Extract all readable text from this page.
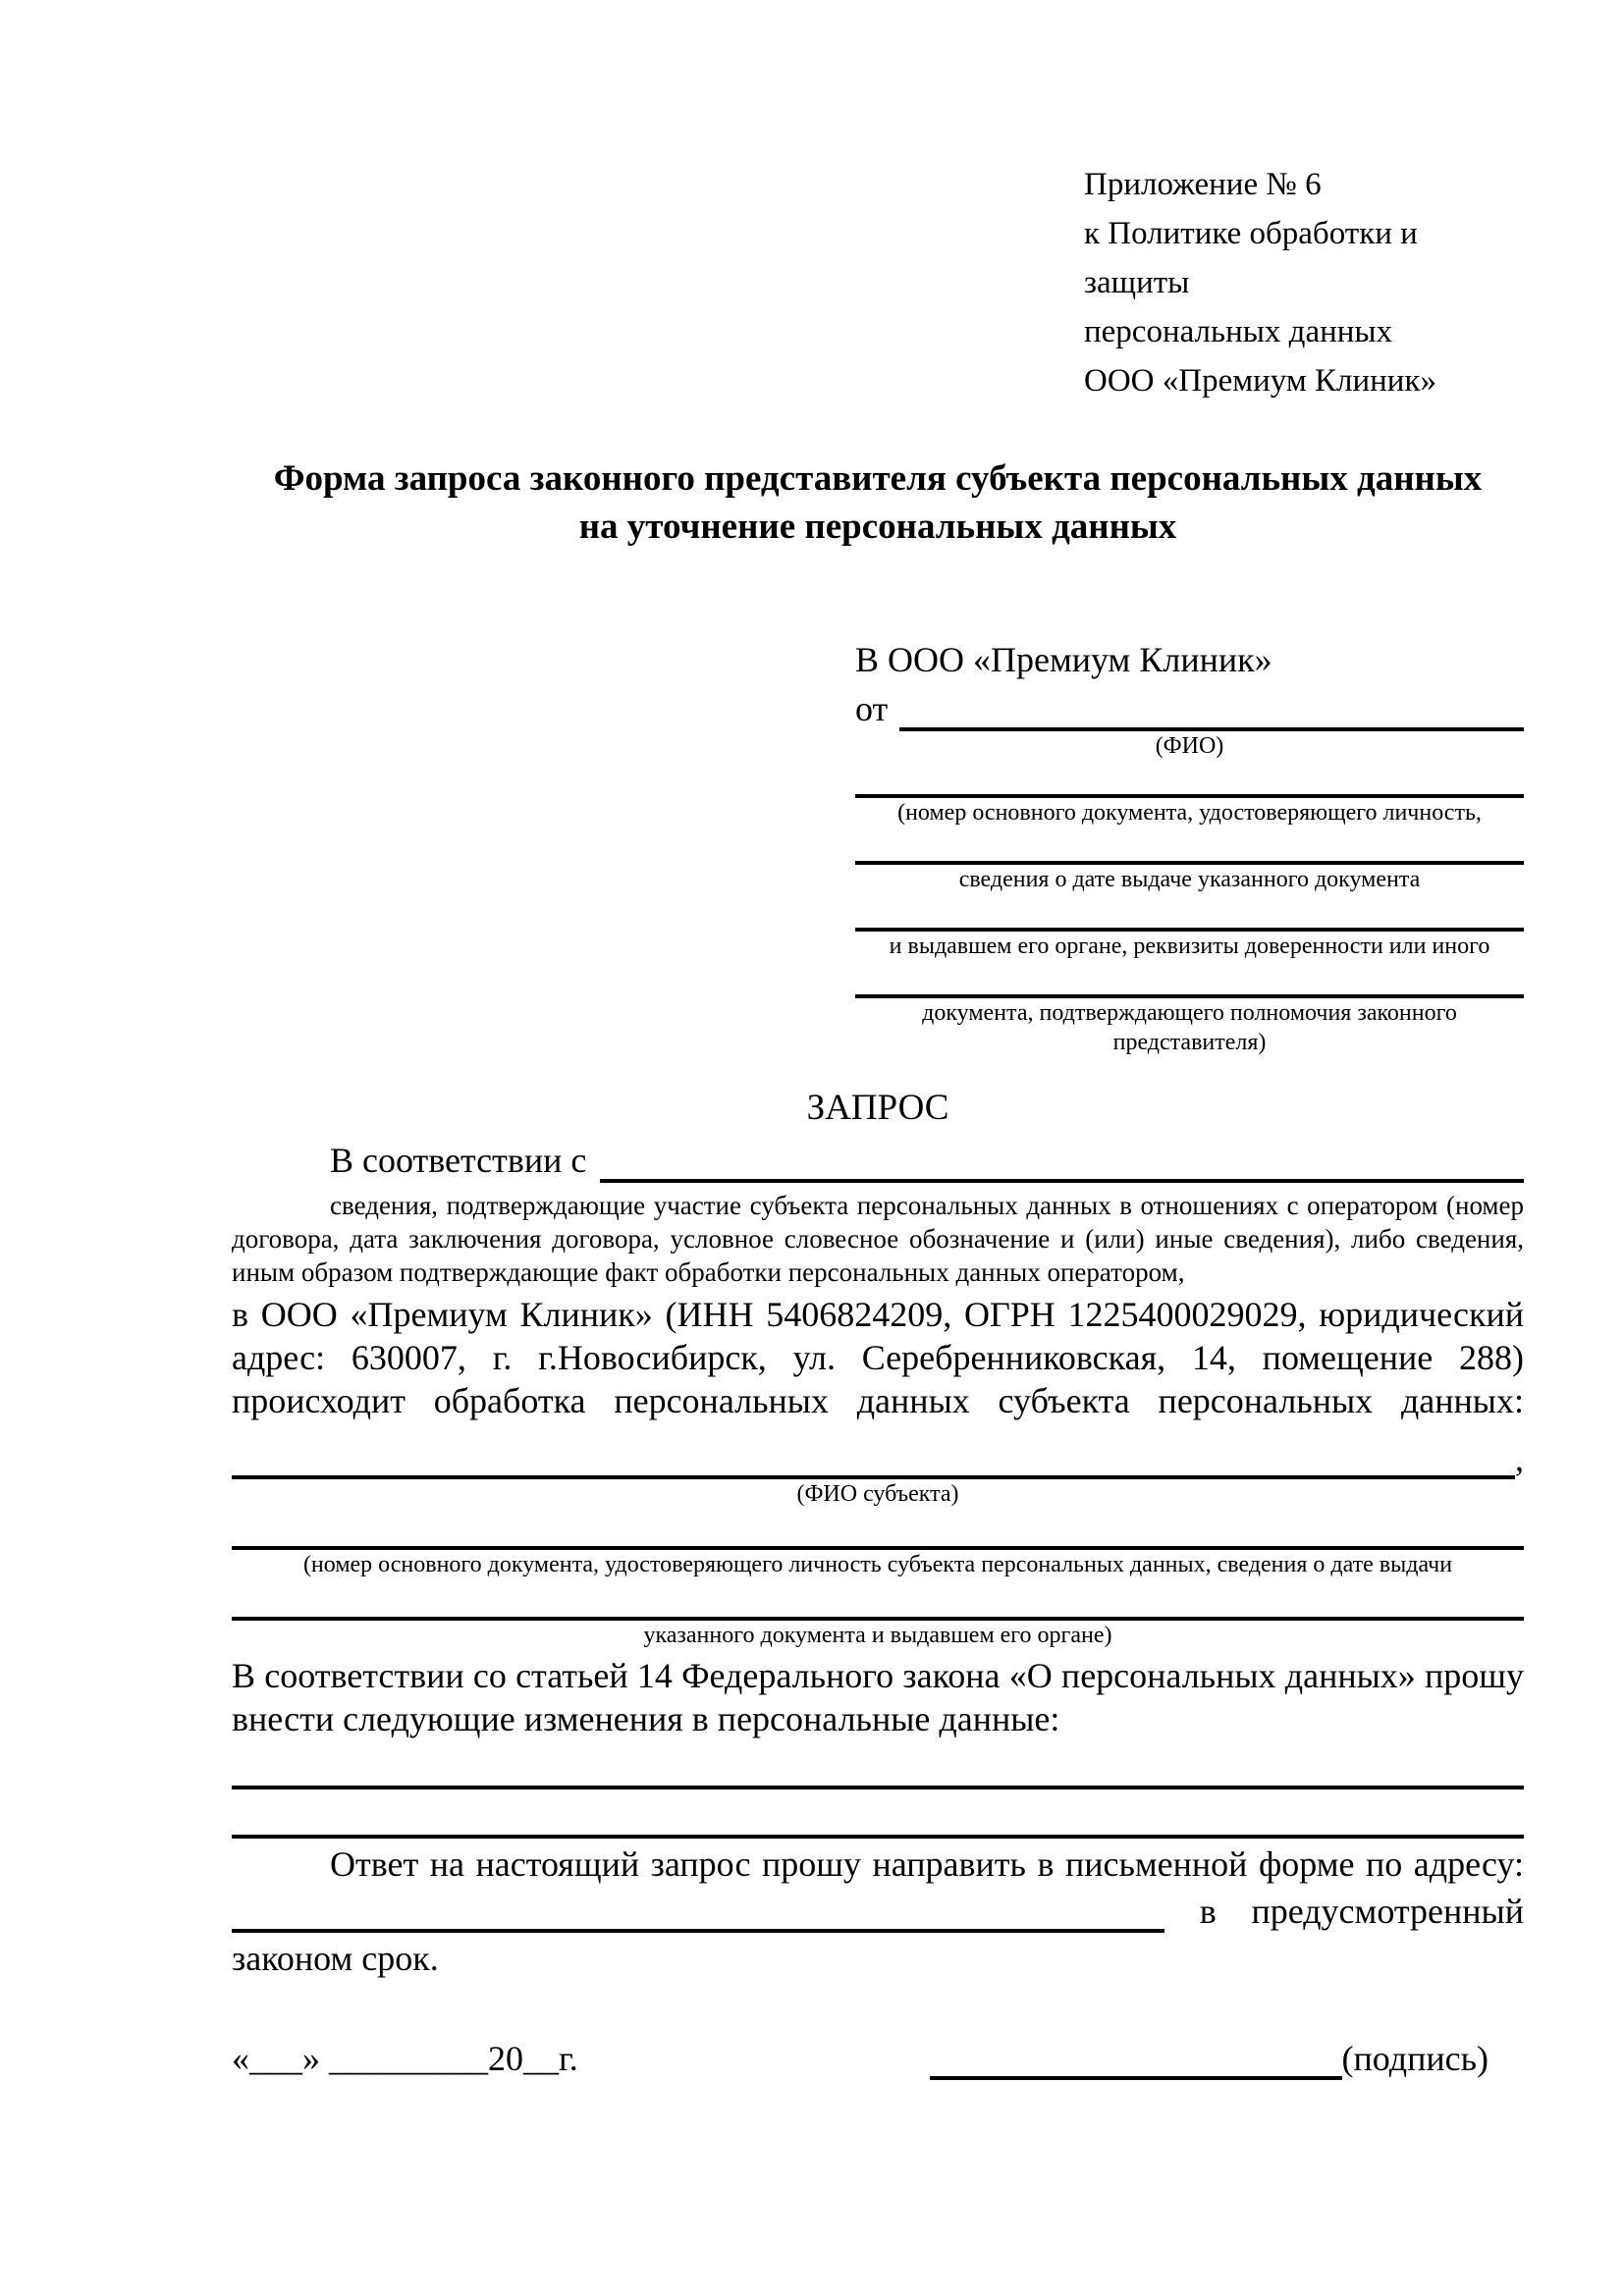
Приложение № 6
к Политике обработки и защиты
персональных данных
ООО «Премиум Клиник»
Форма запроса законного представителя субъекта персональных данных
на уточнение персональных данных
В ООО «Премиум Клиник»
от
(ФИО)
(номер основного документа, удостоверяющего личность,
сведения о дате выдаче указанного документа
и выдавшем его органе, реквизиты доверенности или иного
документа, подтверждающего полномочия законного представителя)
ЗАПРОС
В соответствии с

сведения, подтверждающие участие субъекта персональных данных в отношениях с оператором (номер договора, дата заключения договора, условное словесное обозначение и (или) иные сведения), либо сведения, иным образом подтверждающие факт обработки персональных данных оператором,

в ООО «Премиум Клиник» (ИНН 5406824209, ОГРН 1225400029029, юридический адрес: 630007, г. г.Новосибирск, ул. Серебренниковская, 14, помещение 288) происходит обработка персональных данных субъекта персональных данных:

,
(ФИО субъекта)
(номер основного документа, удостоверяющего личность субъекта персональных данных, сведения о дате выдачи
указанного документа и выдавшем его органе)

В соответствии со статьей 14 Федерального закона «О персональных данных» прошу внести следующие изменения в персональные данные:

Ответ на настоящий запрос прошу направить в письменной форме по адресу:

в предусмотренный

законом срок.

«___» _________20__г.	(подпись)
